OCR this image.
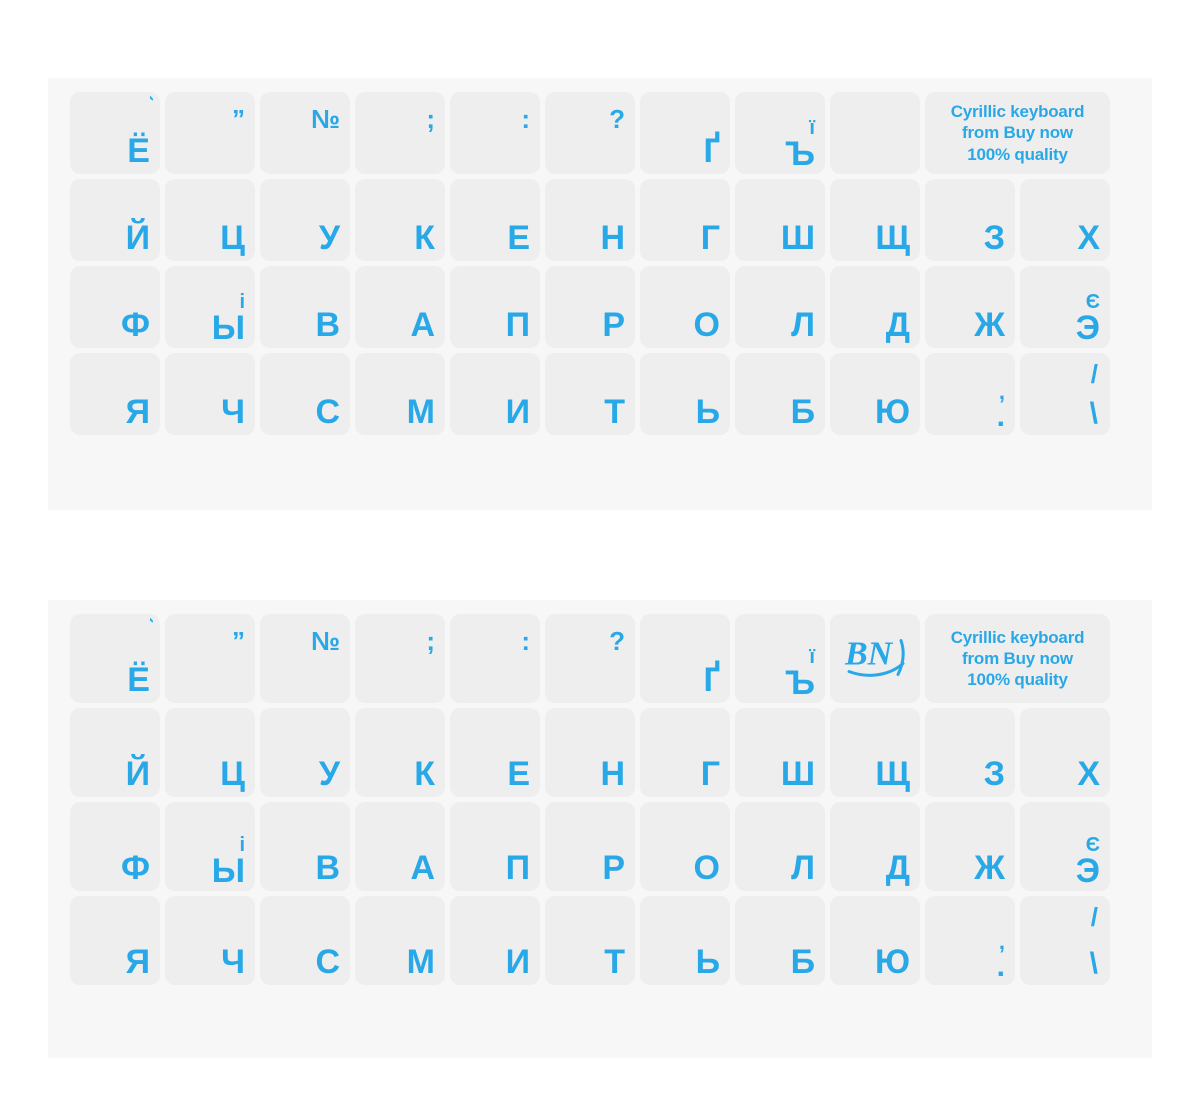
Ё
”	№	;	:	?
Ґ
ї
Ъ
Cyrillic keyboard
from Buy now
100% quality
Й	Ц	У	К	Е	Н	Г	Ш	Щ	З	Х
Ф
і
Ы	В	А	П	Р	О	Л	Д	Ж
Є
Э
Я	Ч	С	М	И	Т	Ь	Б	Ю
,
.
/
\
Ё
”	№	;	:	?
Ґ
ї
Ъ
BN	Cyrillic keyboard
from Buy now
100% quality
Й	Ц	У	К	Е	Н	Г	Ш	Щ	З	Х
Ф
і
Ы	В	А	П	Р	О	Л	Д	Ж
Є
Э
Я	Ч	С	М	И	Т	Ь	Б	Ю
,
.
/
\
